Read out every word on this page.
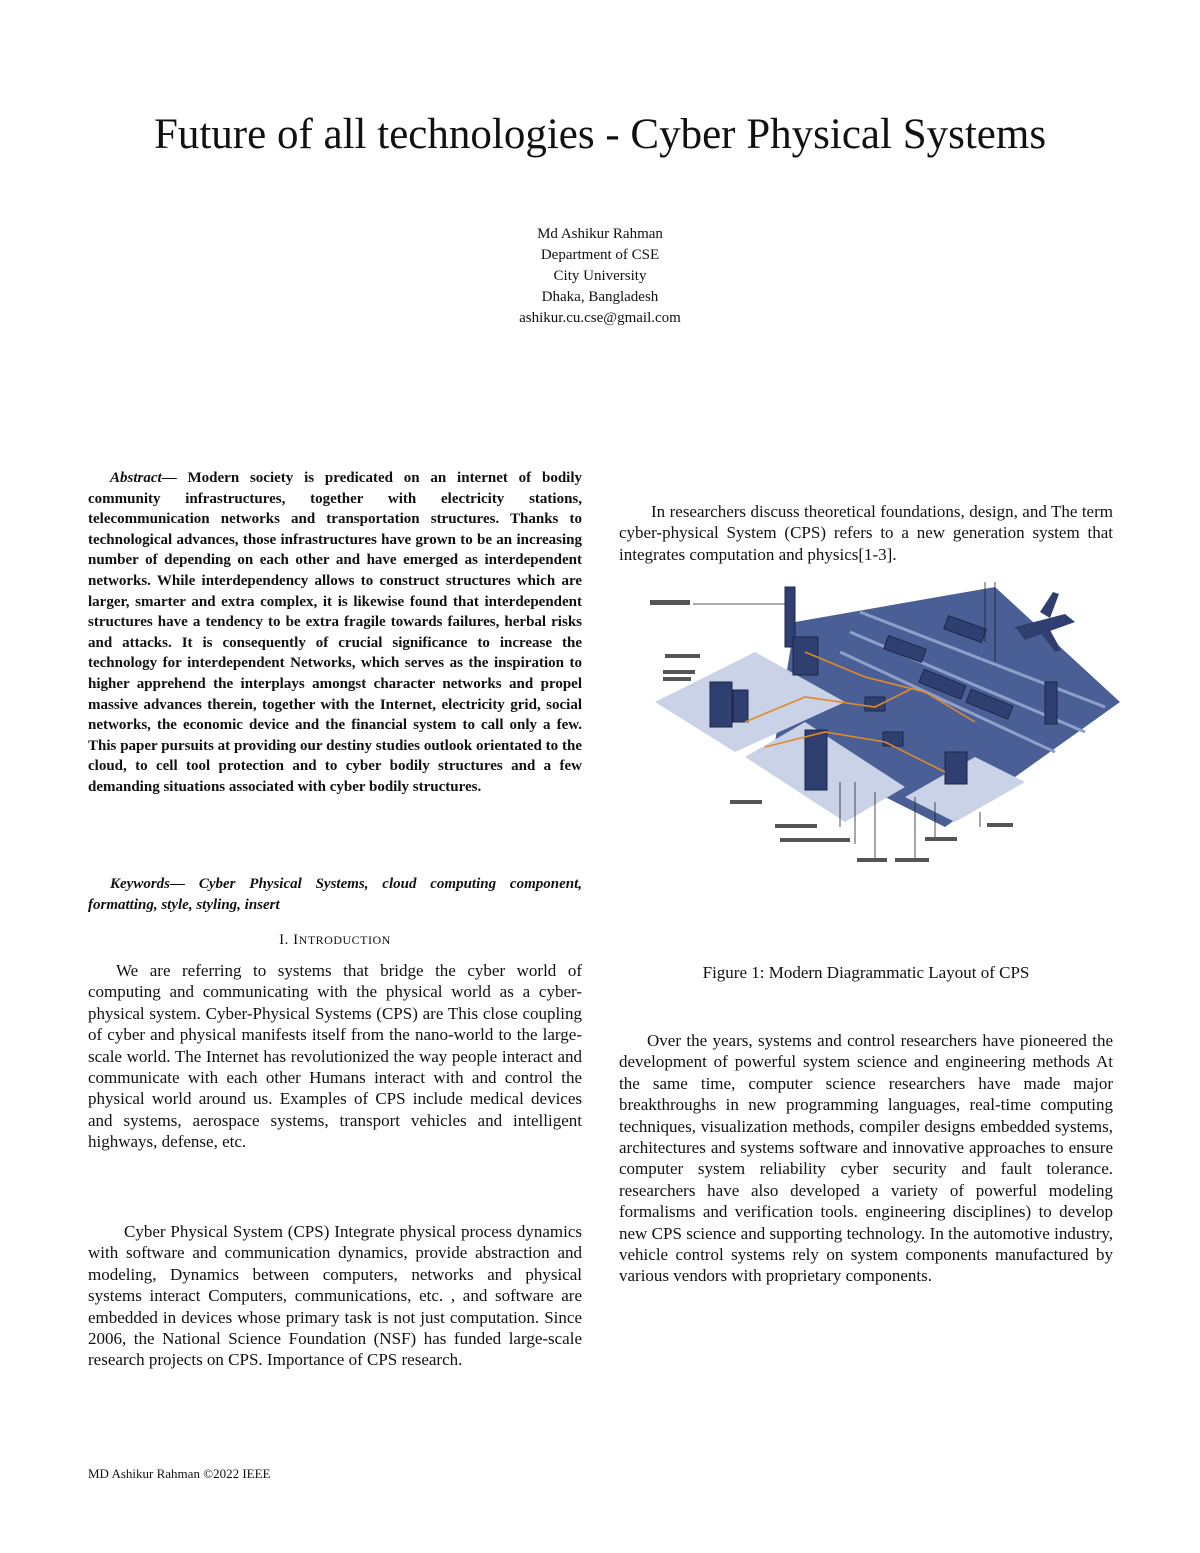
Future of all technologies - Cyber Physical Systems
Md Ashikur Rahman
Department of CSE
City University
Dhaka, Bangladesh
ashikur.cu.cse@gmail.com

Abstract— Modern society is predicated on an internet of bodily community infrastructures, together with electricity stations, telecommunication networks and transportation structures. Thanks to technological advances, those infrastructures have grown to be an increasing number of depending on each other and have emerged as interdependent networks. While interdependency allows to construct structures which are larger, smarter and extra complex, it is likewise found that interdependent structures have a tendency to be extra fragile towards failures, herbal risks and attacks. It is consequently of crucial significance to increase the technology for interdependent Networks, which serves as the inspiration to higher apprehend the interplays amongst character networks and propel massive advances therein, together with the Internet, electricity grid, social networks, the economic device and the financial system to call only a few. This paper pursuits at providing our destiny studies outlook orientated to the cloud, to cell tool protection and to cyber bodily structures and a few demanding situations associated with cyber bodily structures.

Keywords— Cyber Physical Systems, cloud computing component, formatting, style, styling, insert

I. INTRODUCTION

We are referring to systems that bridge the cyber world of computing and communicating with the physical world as a cyber-physical system. Cyber-Physical Systems (CPS) are This close coupling of cyber and physical manifests itself from the nano-world to the large-scale world. The Internet has revolutionized the way people interact and communicate with each other Humans interact with and control the physical world around us. Examples of CPS include medical devices and systems, aerospace systems, transport vehicles and intelligent highways, defense, etc.

Cyber Physical System (CPS) Integrate physical process dynamics with software and communication dynamics, provide abstraction and modeling, Dynamics between computers, networks and physical systems interact Computers, communications, etc. , and software are embedded in devices whose primary task is not just computation. Since 2006, the National Science Foundation (NSF) has funded large-scale research projects on CPS. Importance of CPS research.

In researchers discuss theoretical foundations, design, and The term cyber-physical System (CPS) refers to a new generation system that integrates computation and physics[1-3].

Figure 1: Modern Diagrammatic Layout of CPS

Over the years, systems and control researchers have pioneered the development of powerful system science and engineering methods At the same time, computer science researchers have made major breakthroughs in new programming languages, real-time computing techniques, visualization methods, compiler designs embedded systems, architectures and systems software and innovative approaches to ensure computer system reliability cyber security and fault tolerance. researchers have also developed a variety of powerful modeling formalisms and verification tools. engineering disciplines) to develop new CPS science and supporting technology. In the automotive industry, vehicle control systems rely on system components manufactured by various vendors with proprietary components.

MD Ashikur Rahman ©2022 IEEE
